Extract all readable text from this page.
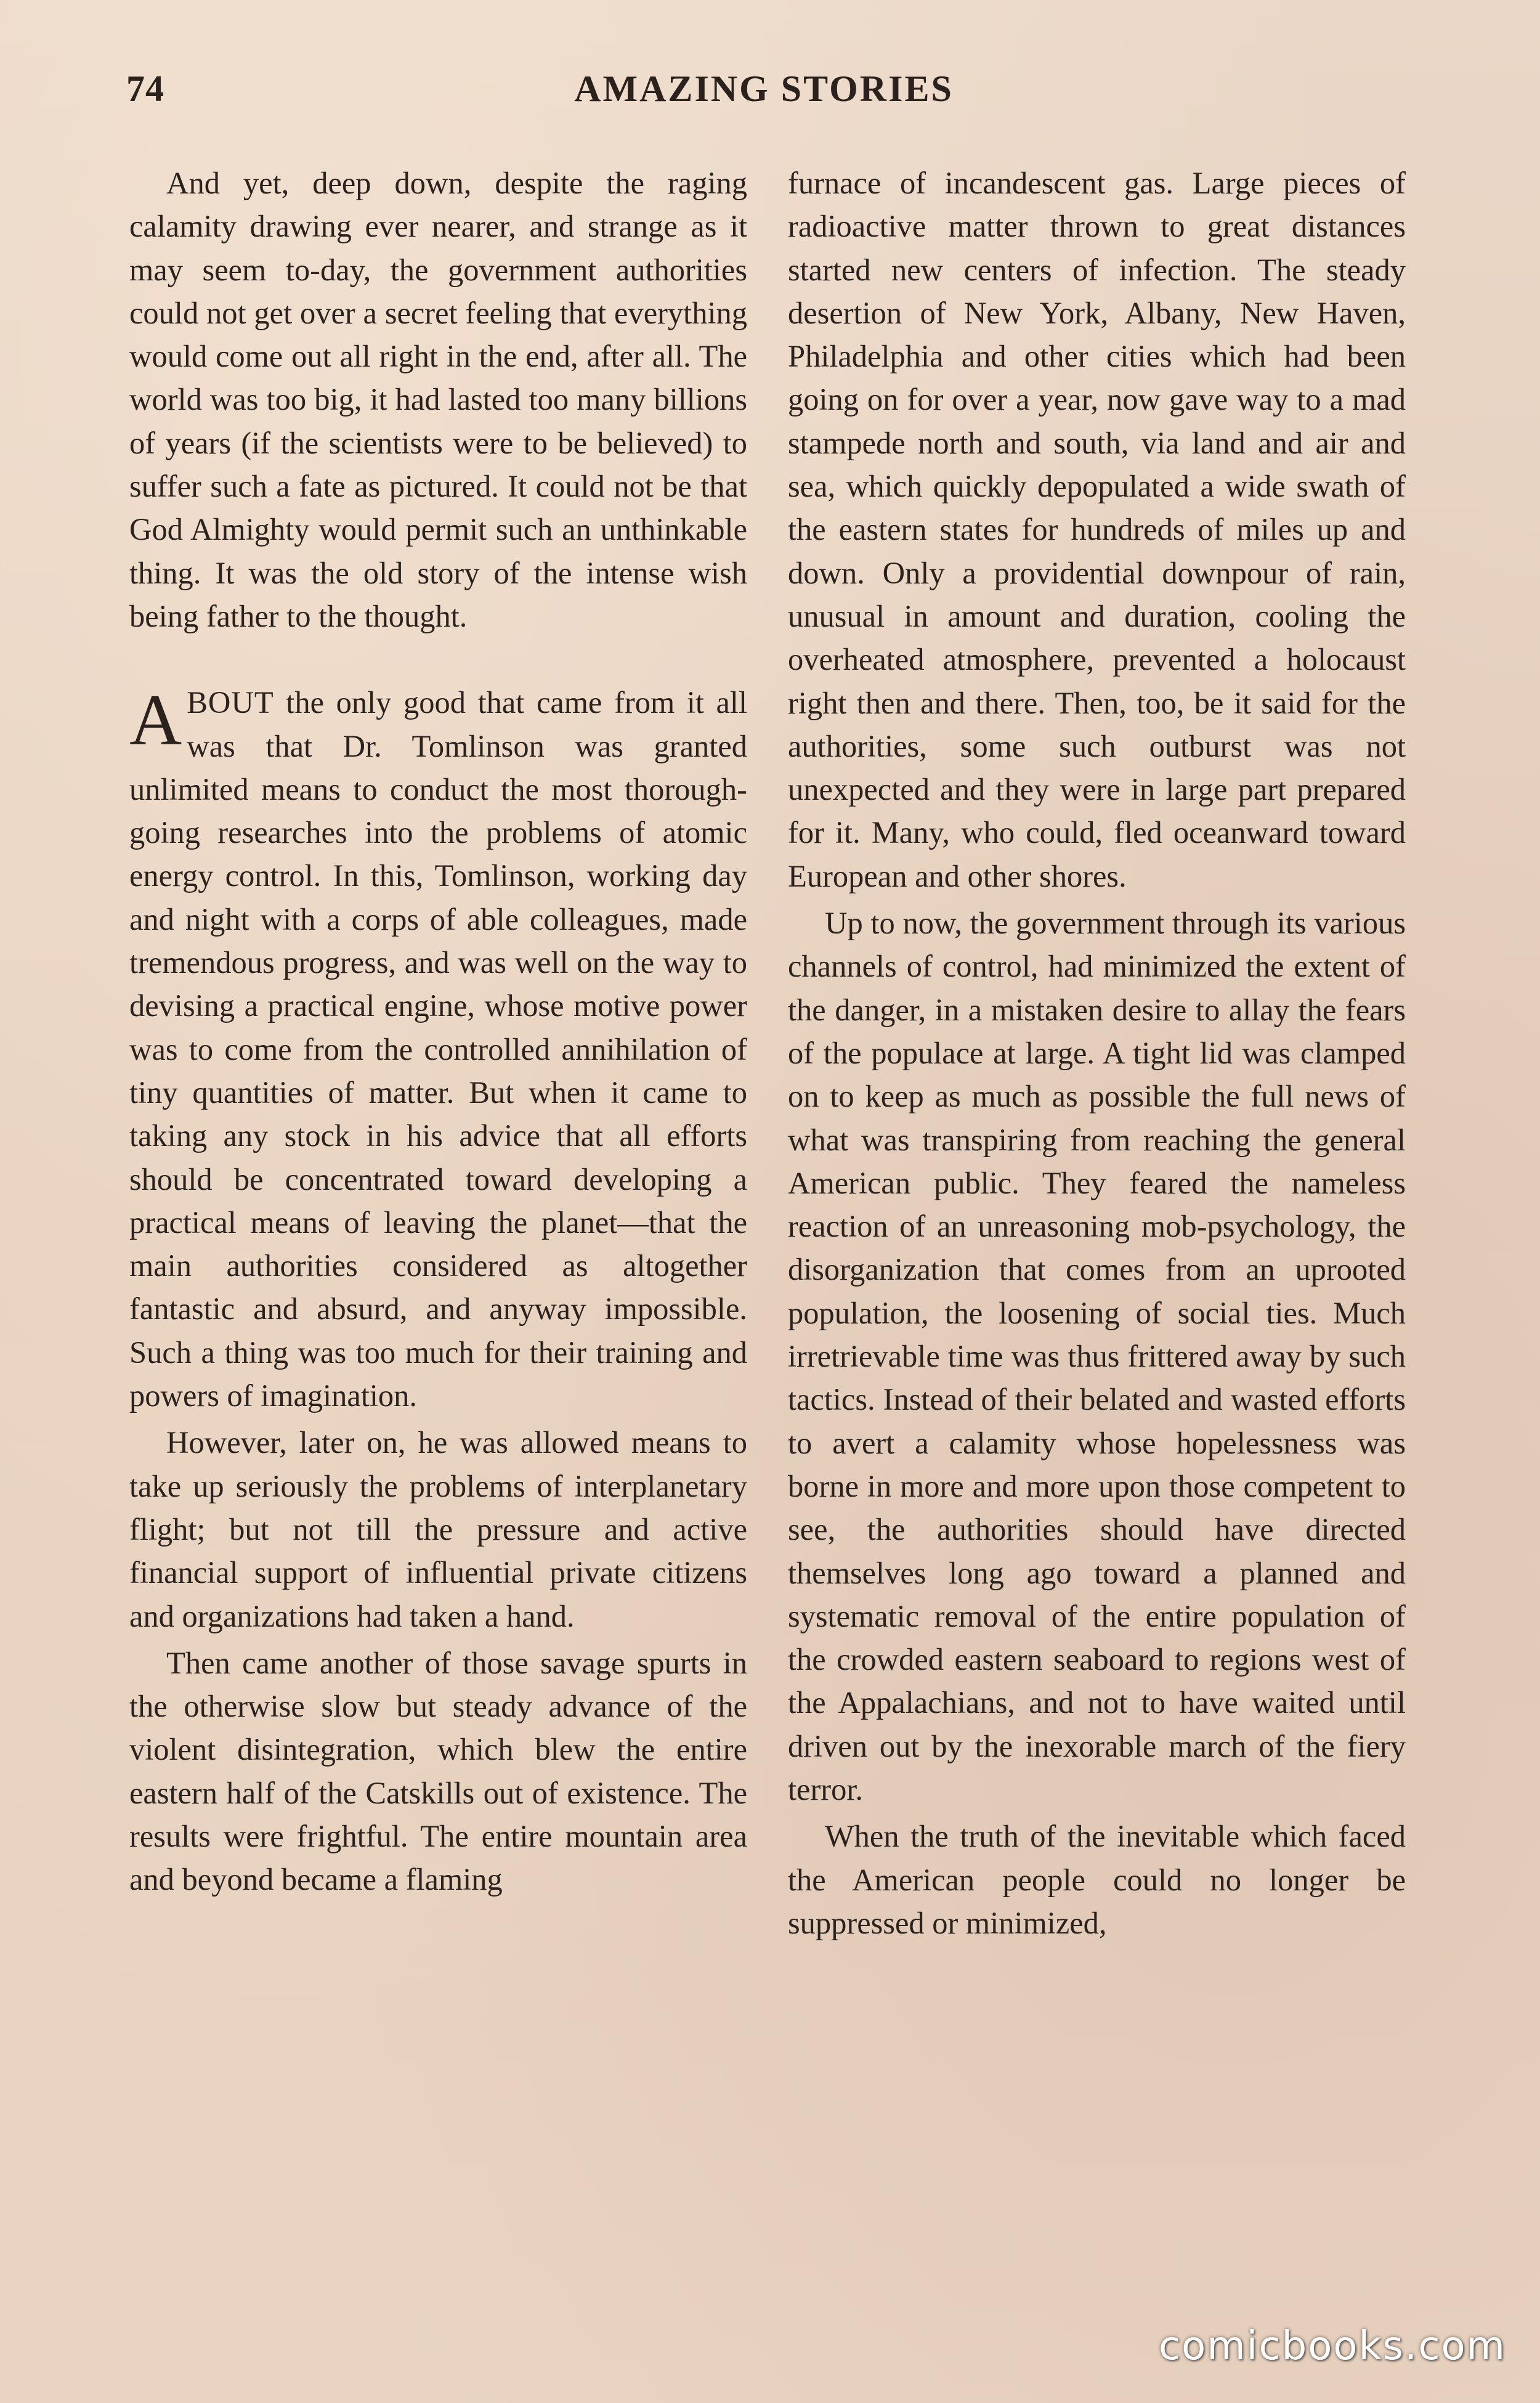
74	AMAZING STORIES

And yet, deep down, despite the raging calamity drawing ever nearer, and strange as it may seem to-day, the government authorities could not get over a secret feeling that everything would come out all right in the end, after all. The world was too big, it had lasted too many billions of years (if the scientists were to be believed) to suffer such a fate as pictured. It could not be that God Almighty would permit such an unthinkable thing. It was the old story of the intense wish being father to the thought.

ABOUT the only good that came from it all was that Dr. Tomlinson was granted unlimited means to conduct the most thorough-going researches into the problems of atomic energy control. In this, Tomlinson, working day and night with a corps of able colleagues, made tremendous progress, and was well on the way to devising a practical engine, whose motive power was to come from the controlled annihilation of tiny quantities of matter. But when it came to taking any stock in his advice that all efforts should be concentrated toward developing a practical means of leaving the planet—that the main authorities considered as altogether fantastic and absurd, and anyway impossible. Such a thing was too much for their training and powers of imagination.

However, later on, he was allowed means to take up seriously the problems of interplanetary flight; but not till the pressure and active financial support of influential private citizens and organizations had taken a hand.

Then came another of those savage spurts in the otherwise slow but steady advance of the violent disintegration, which blew the entire eastern half of the Catskills out of existence. The results were frightful. The entire mountain area and beyond became a flaming

furnace of incandescent gas. Large pieces of radioactive matter thrown to great distances started new centers of infection. The steady desertion of New York, Albany, New Haven, Philadelphia and other cities which had been going on for over a year, now gave way to a mad stampede north and south, via land and air and sea, which quickly depopulated a wide swath of the eastern states for hundreds of miles up and down. Only a providential downpour of rain, unusual in amount and duration, cooling the overheated atmosphere, prevented a holocaust right then and there. Then, too, be it said for the authorities, some such outburst was not unexpected and they were in large part prepared for it. Many, who could, fled oceanward toward European and other shores.

Up to now, the government through its various channels of control, had minimized the extent of the danger, in a mistaken desire to allay the fears of the populace at large. A tight lid was clamped on to keep as much as possible the full news of what was transpiring from reaching the general American public. They feared the nameless reaction of an unreasoning mob-psychology, the disorganization that comes from an uprooted population, the loosening of social ties. Much irretrievable time was thus frittered away by such tactics. Instead of their belated and wasted efforts to avert a calamity whose hopelessness was borne in more and more upon those competent to see, the authorities should have directed themselves long ago toward a planned and systematic removal of the entire population of the crowded eastern seaboard to regions west of the Appalachians, and not to have waited until driven out by the inexorable march of the fiery terror.

When the truth of the inevitable which faced the American people could no longer be suppressed or minimized,

comicbooks.com
